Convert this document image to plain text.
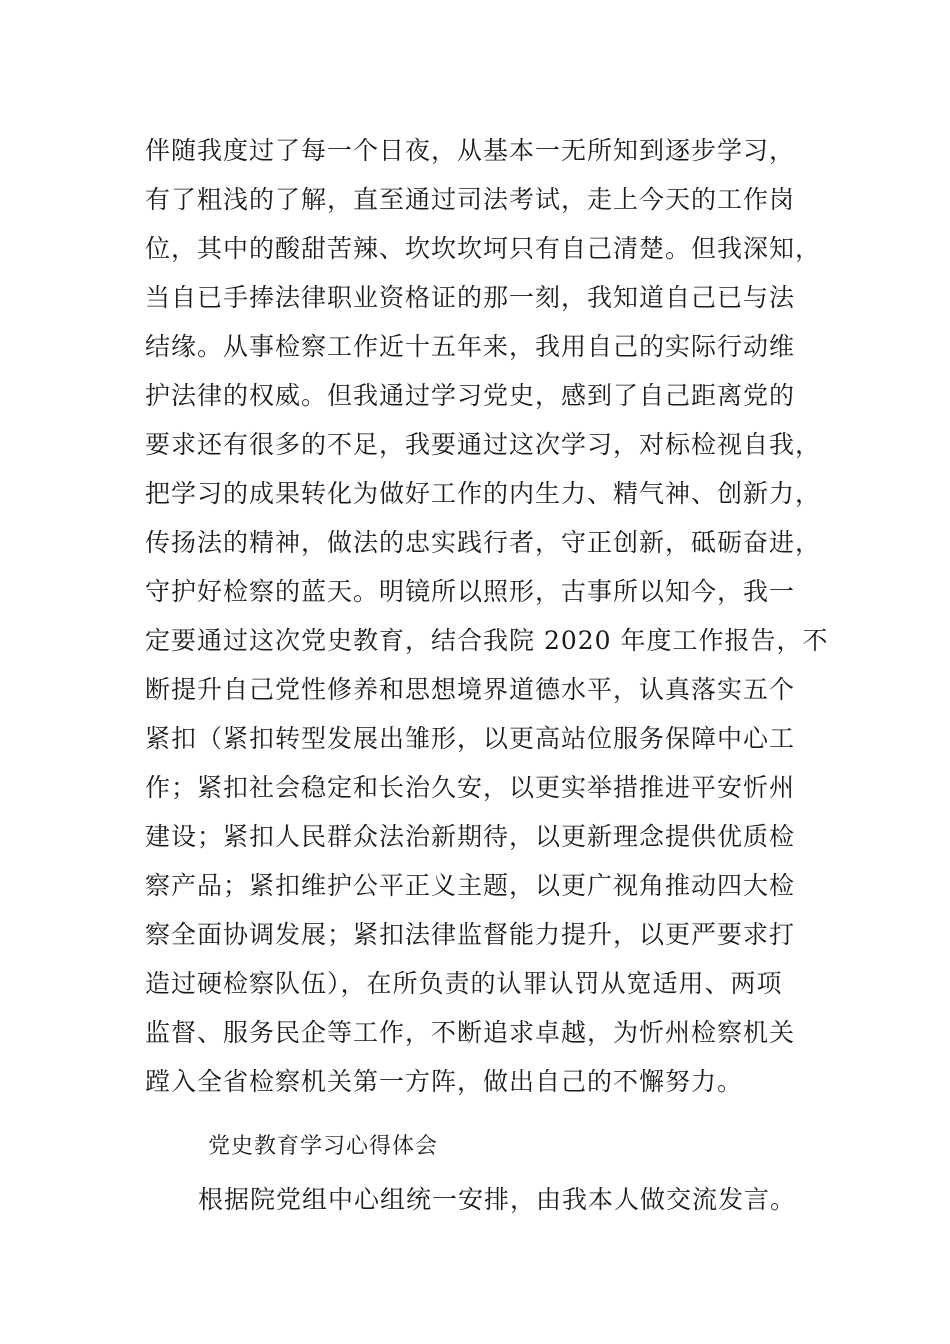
伴随我度过了每一个日夜，从基本一无所知到逐步学习，
有了粗浅的了解，直至通过司法考试，走上今天的工作岗
位，其中的酸甜苦辣、坎坎坎坷只有自己清楚。但我深知，
当自已手捧法律职业资格证的那一刻，我知道自己已与法
结缘。从事检察工作近十五年来，我用自己的实际行动维
护法律的权威。但我通过学习党史，感到了自己距离党的
要求还有很多的不足，我要通过这次学习，对标检视自我，
把学习的成果转化为做好工作的内生力、精气神、创新力，
传扬法的精神，做法的忠实践行者，守正创新，砥砺奋进，
守护好检察的蓝天。明镜所以照形，古事所以知今，我一
定要通过这次党史教育，结合我院 2020 年度工作报告，不
断提升自己党性修养和思想境界道德水平，认真落实五个
紧扣（紧扣转型发展出雏形，以更高站位服务保障中心工
作；紧扣社会稳定和长治久安，以更实举措推进平安忻州
建设；紧扣人民群众法治新期待，以更新理念提供优质检
察产品；紧扣维护公平正义主题，以更广视角推动四大检
察全面协调发展；紧扣法律监督能力提升，以更严要求打
造过硬检察队伍），在所负责的认罪认罚从宽适用、两项
监督、服务民企等工作，不断追求卓越，为忻州检察机关
蹚入全省检察机关第一方阵，做出自己的不懈努力。
党史教育学习心得体会
根据院党组中心组统一安排，由我本人做交流发言。
